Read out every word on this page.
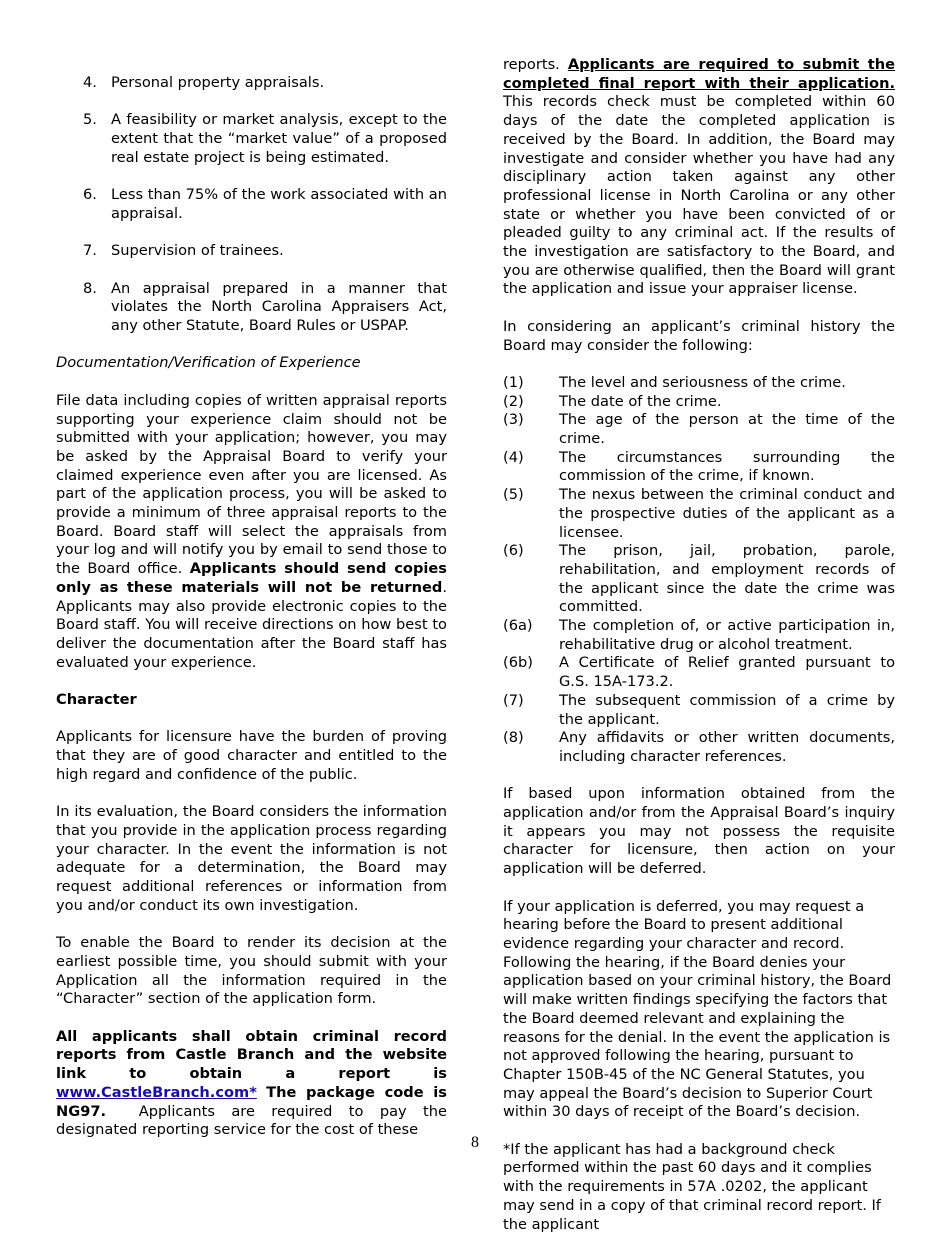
4. Personal property appraisals.
5. A feasibility or market analysis, except to the extent that the “market value” of a proposed real estate project is being estimated.
6. Less than 75% of the work associated with an appraisal.
7. Supervision of trainees.
8. An appraisal prepared in a manner that violates the North Carolina Appraisers Act, any other Statute, Board Rules or USPAP.

Documentation/Verification of Experience

File data including copies of written appraisal reports supporting your experience claim should not be submitted with your application; however, you may be asked by the Appraisal Board to verify your claimed experience even after you are licensed. As part of the application process, you will be asked to provide a minimum of three appraisal reports to the Board. Board staff will select the appraisals from your log and will notify you by email to send those to the Board office. Applicants should send copies only as these materials will not be returned. Applicants may also provide electronic copies to the Board staff. You will receive directions on how best to deliver the documentation after the Board staff has evaluated your experience.

Character

Applicants for licensure have the burden of proving that they are of good character and entitled to the high regard and confidence of the public.

In its evaluation, the Board considers the information that you provide in the application process regarding your character. In the event the information is not adequate for a determination, the Board may request additional references or information from you and/or conduct its own investigation.

To enable the Board to render its decision at the earliest possible time, you should submit with your Application all the information required in the “Character” section of the application form.

All applicants shall obtain criminal record reports from Castle Branch and the website link to obtain a report is www.CastleBranch.com* The package code is NG97. Applicants are required to pay the designated reporting service for the cost of these

reports. Applicants are required to submit the completed final report with their application. This records check must be completed within 60 days of the date the completed application is received by the Board. In addition, the Board may investigate and consider whether you have had any disciplinary action taken against any other professional license in North Carolina or any other state or whether you have been convicted of or pleaded guilty to any criminal act. If the results of the investigation are satisfactory to the Board, and you are otherwise qualified, then the Board will grant the application and issue your appraiser license.

In considering an applicant’s criminal history the Board may consider the following:

(1) The level and seriousness of the crime.
(2) The date of the crime.
(3) The age of the person at the time of the crime.
(4) The circumstances surrounding the commission of the crime, if known.
(5) The nexus between the criminal conduct and the prospective duties of the applicant as a licensee.
(6) The prison, jail, probation, parole, rehabilitation, and employment records of the applicant since the date the crime was committed.
(6a) The completion of, or active participation in, rehabilitative drug or alcohol treatment.
(6b) A Certificate of Relief granted pursuant to G.S. 15A-173.2.
(7) The subsequent commission of a crime by the applicant.
(8) Any affidavits or other written documents, including character references.

If based upon information obtained from the application and/or from the Appraisal Board’s inquiry it appears you may not possess the requisite character for licensure, then action on your application will be deferred.

If your application is deferred, you may request a hearing before the Board to present additional evidence regarding your character and record. Following the hearing, if the Board denies your application based on your criminal history, the Board will make written findings specifying the factors that the Board deemed relevant and explaining the reasons for the denial. In the event the application is not approved following the hearing, pursuant to Chapter 150B-45 of the NC General Statutes, you may appeal the Board’s decision to Superior Court within 30 days of receipt of the Board’s decision.

*If the applicant has had a background check performed within the past 60 days and it complies with the requirements in 57A .0202, the applicant may send in a copy of that criminal record report. If the applicant

8
